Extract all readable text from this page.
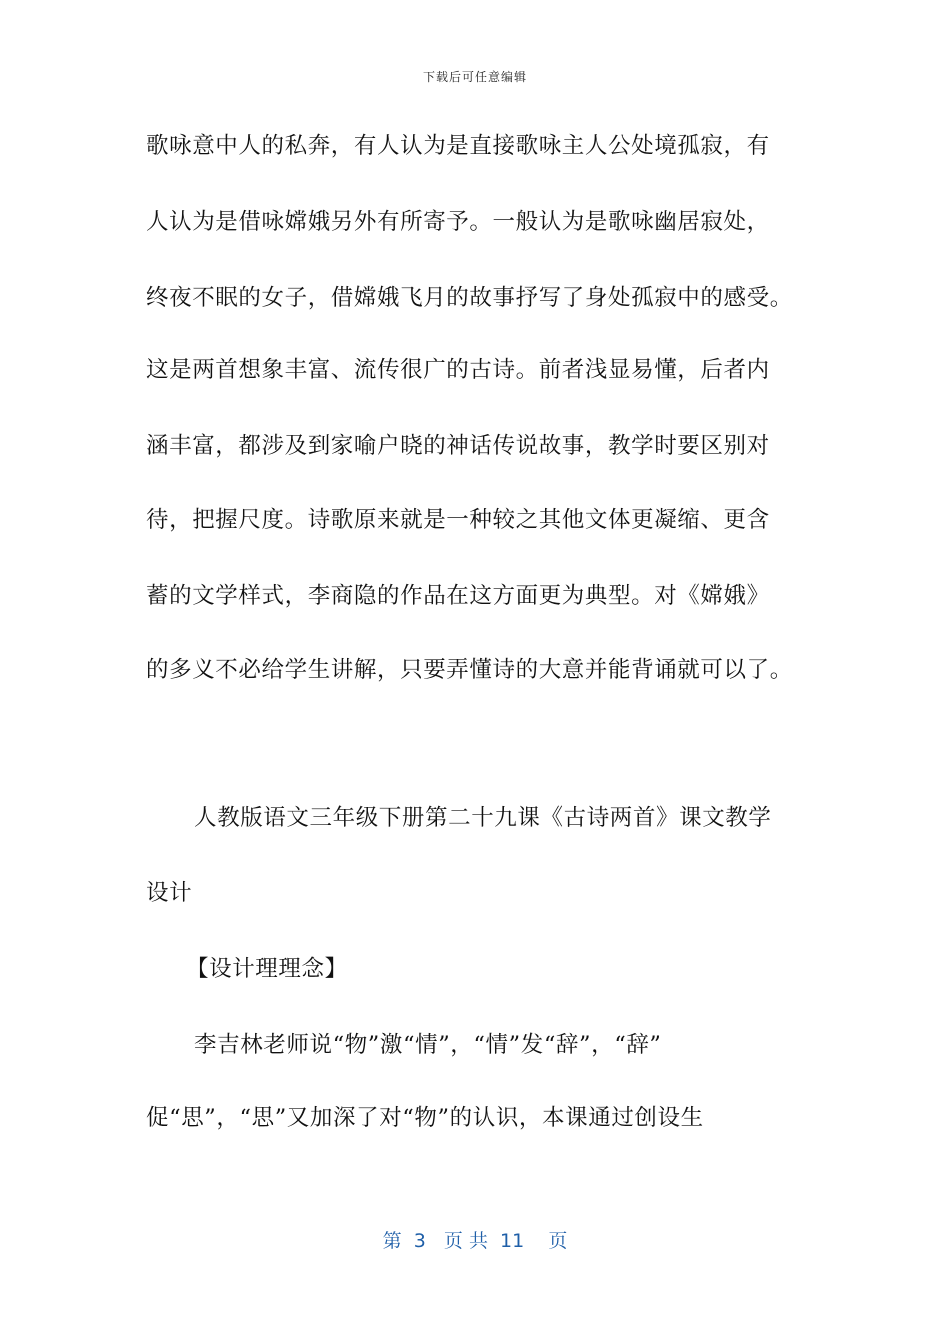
下载后可任意编辑
歌咏意中人的私奔，有人认为是直接歌咏主人公处境孤寂，有
人认为是借咏嫦娥另外有所寄予。一般认为是歌咏幽居寂处，
终夜不眠的女子，借嫦娥飞月的故事抒写了身处孤寂中的感受。
这是两首想象丰富、流传很广的古诗。前者浅显易懂，后者内
涵丰富，都涉及到家喻户晓的神话传说故事，教学时要区别对
待，把握尺度。诗歌原来就是一种较之其他文体更凝缩、更含
蓄的文学样式，李商隐的作品在这方面更为典型。对《嫦娥》
的多义不必给学生讲解，只要弄懂诗的大意并能背诵就可以了。
人教版语文三年级下册第二十九课《古诗两首》课文教学
设计
【设计理理念】
李吉林老师说“物”激“情”，“情”发“辞”，“辞”
促“思”，“思”又加深了对“物”的认识，本课通过创设生
第  3   页 共  11    页
